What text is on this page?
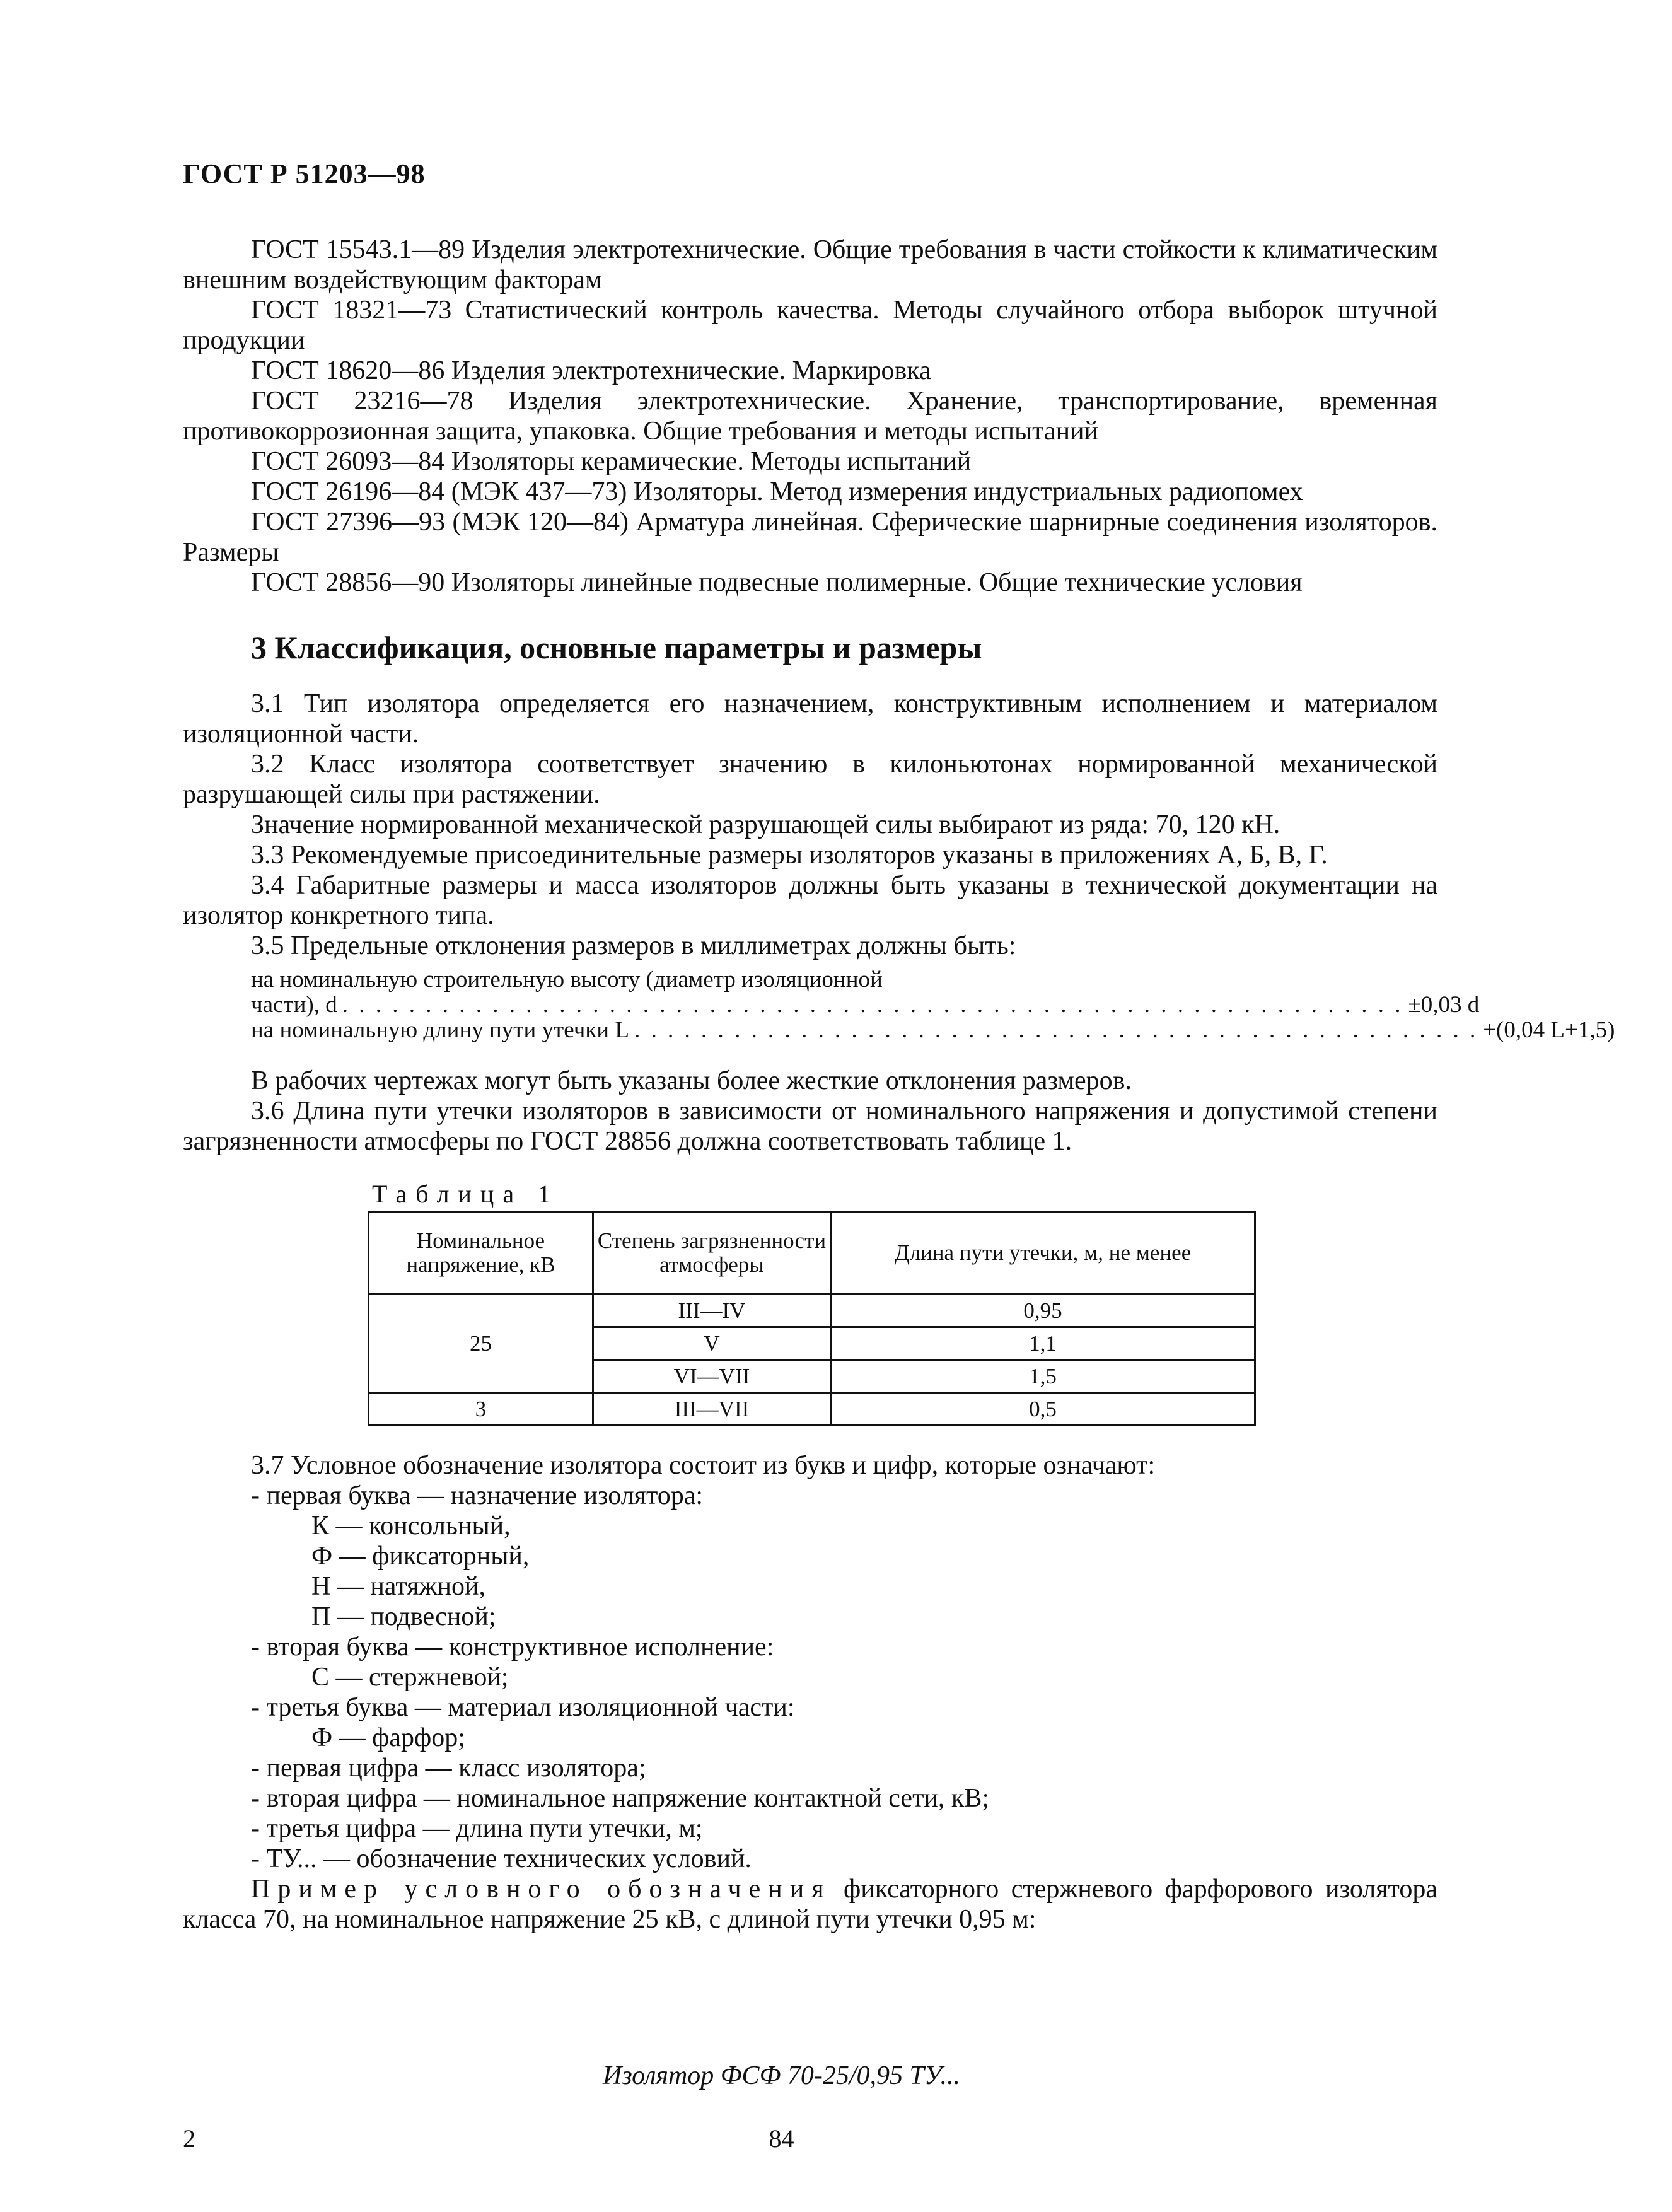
ГОСТ Р 51203—98

ГОСТ 15543.1—89 Изделия электротехнические. Общие требования в части стойкости к климатическим внешним воздействующим факторам

ГОСТ 18321—73 Статистический контроль качества. Методы случайного отбора выборок штучной продукции

ГОСТ 18620—86 Изделия электротехнические. Маркировка

ГОСТ 23216—78 Изделия электротехнические. Хранение, транспортирование, временная противокоррозионная защита, упаковка. Общие требования и методы испытаний

ГОСТ 26093—84 Изоляторы керамические. Методы испытаний

ГОСТ 26196—84 (МЭК 437—73) Изоляторы. Метод измерения индустриальных радиопомех

ГОСТ 27396—93 (МЭК 120—84) Арматура линейная. Сферические шарнирные соединения изоляторов. Размеры

ГОСТ 28856—90 Изоляторы линейные подвесные полимерные. Общие технические условия

3 Классификация, основные параметры и размеры

3.1 Тип изолятора определяется его назначением, конструктивным исполнением и материалом изоляционной части.

3.2 Класс изолятора соответствует значению в килоньютонах нормированной механической разрушающей силы при растяжении.

Значение нормированной механической разрушающей силы выбирают из ряда: 70, 120 кН.

3.3 Рекомендуемые присоединительные размеры изоляторов указаны в приложениях А, Б, В, Г.

3.4 Габаритные размеры и масса изоляторов должны быть указаны в технической документации на изолятор конкретного типа.

3.5 Предельные отклонения размеров в миллиметрах должны быть:

на номинальную строительную высоту (диаметр изоляционной

части), d . . . . . . . . . . . . . . . . . . . . . . . . . . . . . . . . . . . . . . . . . . . . . . . . . . . . . . . . . . . . . . . . ±0,03 d
на номинальную длину пути утечки L . . . . . . . . . . . . . . . . . . . . . . . . . . . . . . . . . . . . . . . . . . . . . . . . . . . +(0,04 L+1,5)

В рабочих чертежах могут быть указаны более жесткие отклонения размеров.

3.6 Длина пути утечки изоляторов в зависимости от номинального напряжения и допустимой степени загрязненности атмосферы по ГОСТ 28856 должна соответствовать таблице 1.

Таблица 1
Номинальное напряжение, кВ	Степень загрязненности атмосферы	Длина пути утечки, м, не менее
25	III—IV	0,95
	V	1,1
	VI—VII	1,5
3	III—VII	0,5

3.7 Условное обозначение изолятора состоит из букв и цифр, которые означают:

- первая буква — назначение изолятора:
К — консольный,
Ф — фиксаторный,
Н — натяжной,
П — подвесной;
- вторая буква — конструктивное исполнение:
С — стержневой;
- третья буква — материал изоляционной части:
Ф — фарфор;
- первая цифра — класс изолятора;
- вторая цифра — номинальное напряжение контактной сети, кВ;
- третья цифра — длина пути утечки, м;
- ТУ... — обозначение технических условий.

Пример условного обозначения фиксаторного стержневого фарфорового изолятора класса 70, на номинальное напряжение 25 кВ, с длиной пути утечки 0,95 м:

Изолятор ФСФ 70-25/0,95 ТУ...
2	84
